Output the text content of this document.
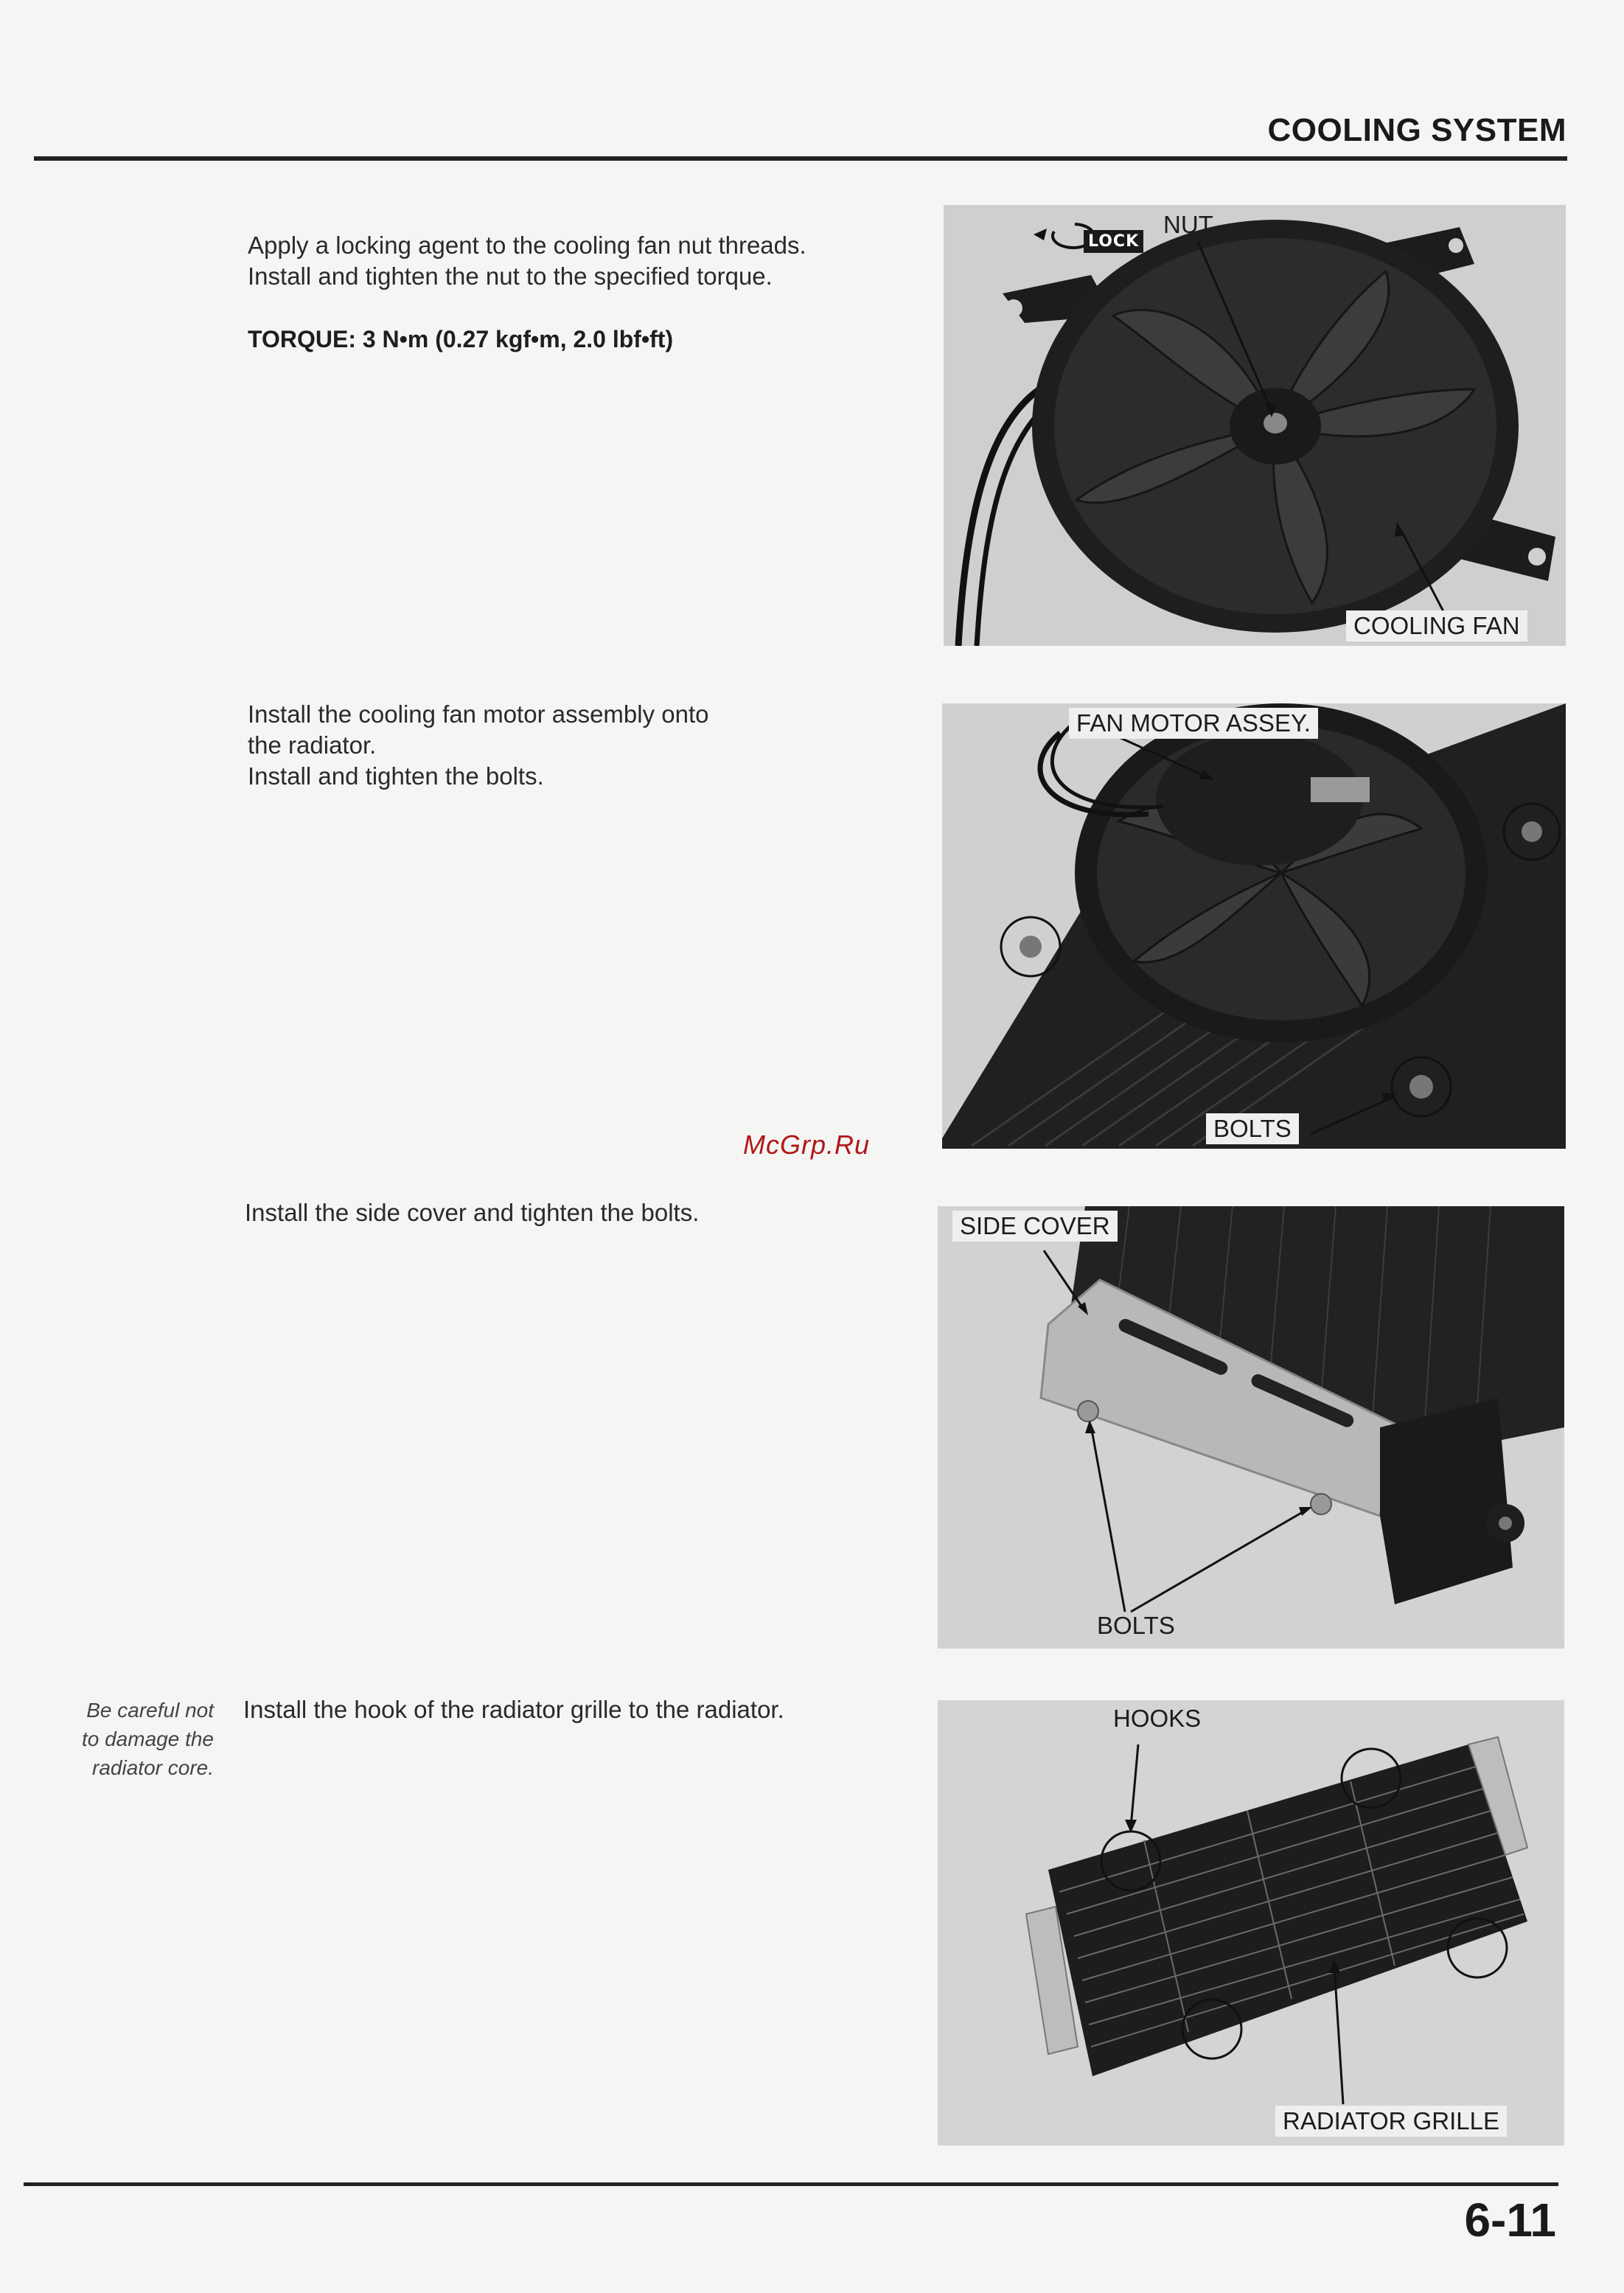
COOLING SYSTEM
Apply a locking agent to the cooling fan nut threads.
Install and tighten the nut to the specified torque.
TORQUE: 3 N•m (0.27 kgf•m, 2.0 lbf•ft)
LOCK
NUT
COOLING FAN
Install the cooling fan motor assembly onto
the radiator.
Install and tighten the bolts.
FAN MOTOR ASSEY.
BOLTS
McGrp.Ru
Install the side cover and tighten the bolts.	SIDE COVER
BOLTS
Be careful not
to damage the
radiator core.
Install the hook of the radiator grille to the radiator.	HOOKS
RADIATOR GRILLE
6-11
